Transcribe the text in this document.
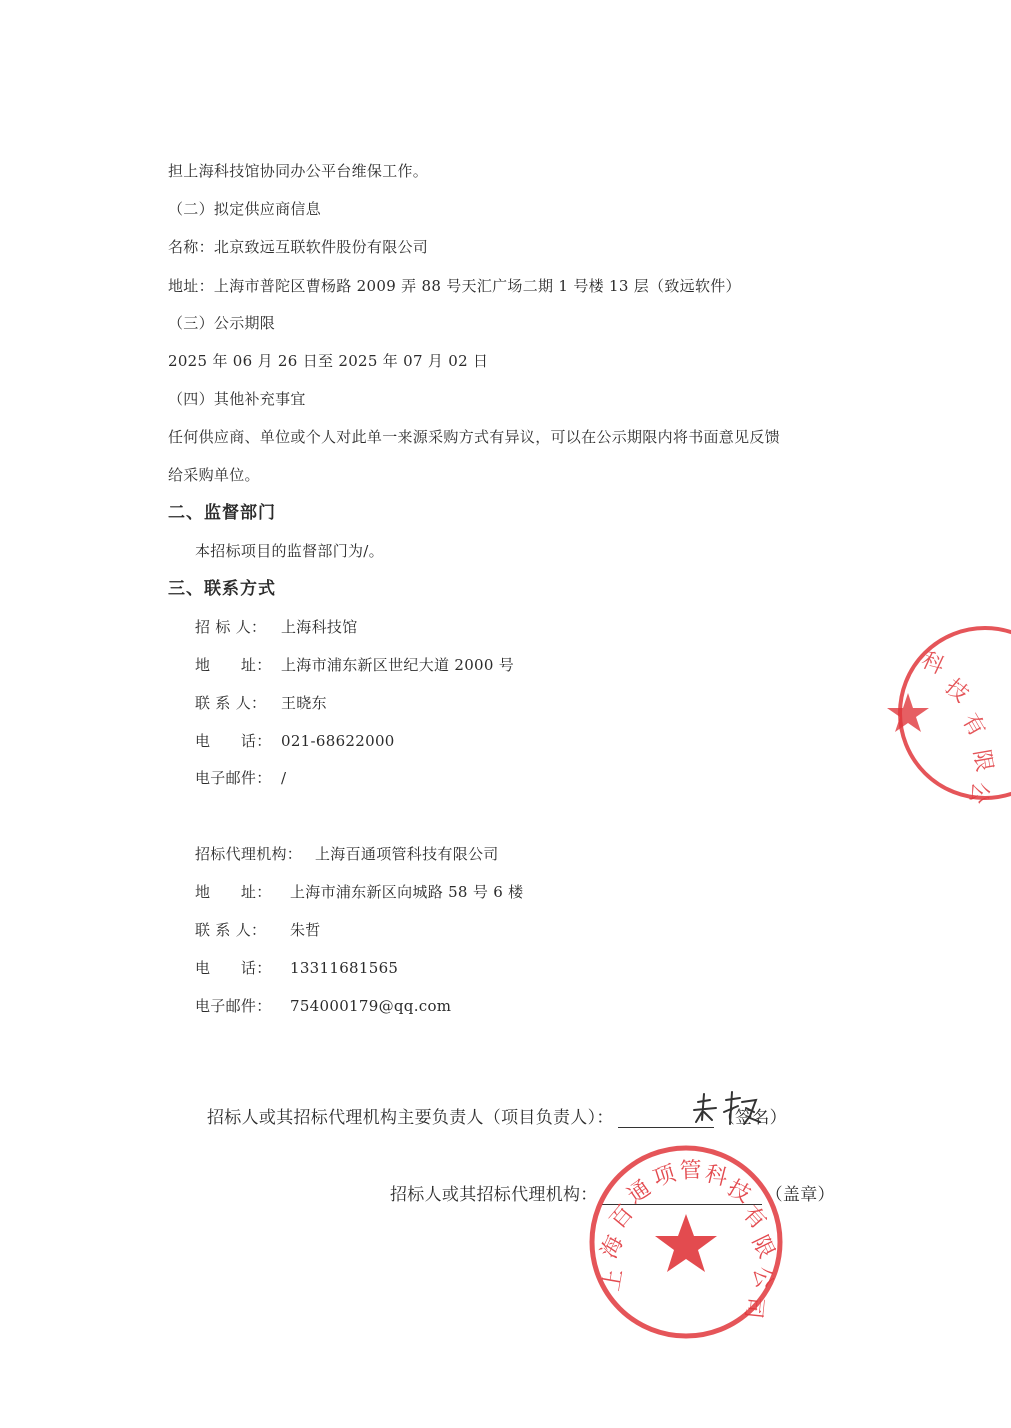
担上海科技馆协同办公平台维保工作。
（二）拟定供应商信息
名称：北京致远互联软件股份有限公司
地址：上海市普陀区曹杨路 2009 弄 88 号天汇广场二期 1 号楼 13 层（致远软件）
（三）公示期限
2025 年 06 月 26 日至 2025 年 07 月 02 日
（四）其他补充事宜
任何供应商、单位或个人对此单一来源采购方式有异议，可以在公示期限内将书面意见反馈
给采购单位。
二、监督部门
本招标项目的监督部门为/。
三、联系方式
招 标 人： 上海科技馆
地　　址： 上海市浦东新区世纪大道 2000 号
联 系 人： 王晓东
电　　话： 021-68622000
电子邮件： /
招标代理机构： 上海百通项管科技有限公司
地　　址： 上海市浦东新区向城路 58 号 6 楼
联 系 人： 朱哲
电　　话： 13311681565
电子邮件： 754000179@qq.com
招标人或其招标代理机构主要负责人（项目负责人）：	（签名）
招标人或其招标代理机构：	（盖章）
科
技
有
限
公
上
海
百
通
项 管 科
技
有
限
公
司
